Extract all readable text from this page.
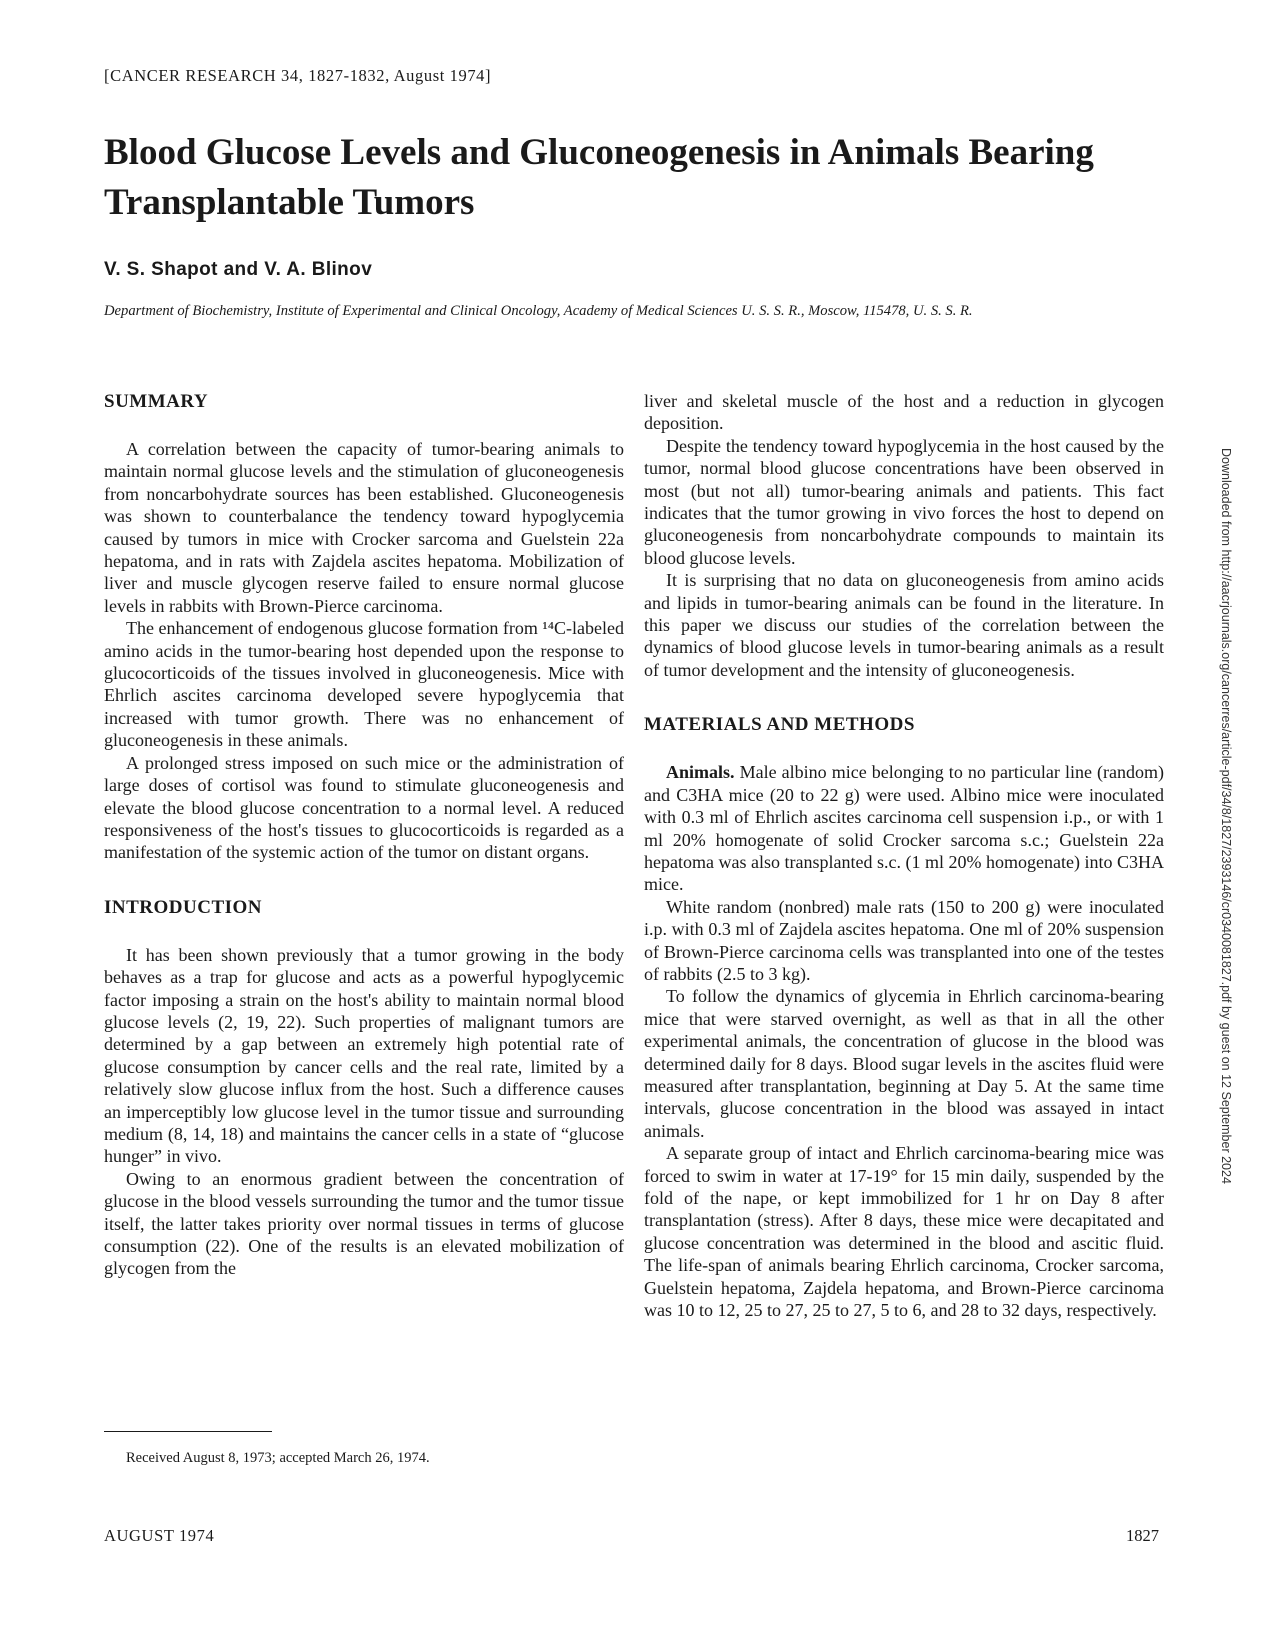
[CANCER RESEARCH 34, 1827-1832, August 1974]
Blood Glucose Levels and Gluconeogenesis in Animals Bearing Transplantable Tumors
V. S. Shapot and V. A. Blinov
Department of Biochemistry, Institute of Experimental and Clinical Oncology, Academy of Medical Sciences U. S. S. R., Moscow, 115478, U. S. S. R.
SUMMARY

A correlation between the capacity of tumor-bearing animals to maintain normal glucose levels and the stimulation of gluconeogenesis from noncarbohydrate sources has been established. Gluconeogenesis was shown to counterbalance the tendency toward hypoglycemia caused by tumors in mice with Crocker sarcoma and Guelstein 22a hepatoma, and in rats with Zajdela ascites hepatoma. Mobilization of liver and muscle glycogen reserve failed to ensure normal glucose levels in rabbits with Brown-Pierce carcinoma.

The enhancement of endogenous glucose formation from ¹⁴C-labeled amino acids in the tumor-bearing host depended upon the response to glucocorticoids of the tissues involved in gluconeogenesis. Mice with Ehrlich ascites carcinoma developed severe hypoglycemia that increased with tumor growth. There was no enhancement of gluconeogenesis in these animals.

A prolonged stress imposed on such mice or the administration of large doses of cortisol was found to stimulate gluconeogenesis and elevate the blood glucose concentration to a normal level. A reduced responsiveness of the host's tissues to glucocorticoids is regarded as a manifestation of the systemic action of the tumor on distant organs.

INTRODUCTION

It has been shown previously that a tumor growing in the body behaves as a trap for glucose and acts as a powerful hypoglycemic factor imposing a strain on the host's ability to maintain normal blood glucose levels (2, 19, 22). Such properties of malignant tumors are determined by a gap between an extremely high potential rate of glucose consumption by cancer cells and the real rate, limited by a relatively slow glucose influx from the host. Such a difference causes an imperceptibly low glucose level in the tumor tissue and surrounding medium (8, 14, 18) and maintains the cancer cells in a state of “glucose hunger” in vivo.

Owing to an enormous gradient between the concentration of glucose in the blood vessels surrounding the tumor and the tumor tissue itself, the latter takes priority over normal tissues in terms of glucose consumption (22). One of the results is an elevated mobilization of glycogen from the

liver and skeletal muscle of the host and a reduction in glycogen deposition.

Despite the tendency toward hypoglycemia in the host caused by the tumor, normal blood glucose concentrations have been observed in most (but not all) tumor-bearing animals and patients. This fact indicates that the tumor growing in vivo forces the host to depend on gluconeogenesis from noncarbohydrate compounds to maintain its blood glucose levels.

It is surprising that no data on gluconeogenesis from amino acids and lipids in tumor-bearing animals can be found in the literature. In this paper we discuss our studies of the correlation between the dynamics of blood glucose levels in tumor-bearing animals as a result of tumor development and the intensity of gluconeogenesis.

MATERIALS AND METHODS

Animals. Male albino mice belonging to no particular line (random) and C3HA mice (20 to 22 g) were used. Albino mice were inoculated with 0.3 ml of Ehrlich ascites carcinoma cell suspension i.p., or with 1 ml 20% homogenate of solid Crocker sarcoma s.c.; Guelstein 22a hepatoma was also transplanted s.c. (1 ml 20% homogenate) into C3HA mice.

White random (nonbred) male rats (150 to 200 g) were inoculated i.p. with 0.3 ml of Zajdela ascites hepatoma. One ml of 20% suspension of Brown-Pierce carcinoma cells was transplanted into one of the testes of rabbits (2.5 to 3 kg).

To follow the dynamics of glycemia in Ehrlich carcinoma-bearing mice that were starved overnight, as well as that in all the other experimental animals, the concentration of glucose in the blood was determined daily for 8 days. Blood sugar levels in the ascites fluid were measured after transplantation, beginning at Day 5. At the same time intervals, glucose concentration in the blood was assayed in intact animals.

A separate group of intact and Ehrlich carcinoma-bearing mice was forced to swim in water at 17-19° for 15 min daily, suspended by the fold of the nape, or kept immobilized for 1 hr on Day 8 after transplantation (stress). After 8 days, these mice were decapitated and glucose concentration was determined in the blood and ascitic fluid. The life-span of animals bearing Ehrlich carcinoma, Crocker sarcoma, Guelstein hepatoma, Zajdela hepatoma, and Brown-Pierce carcinoma was 10 to 12, 25 to 27, 25 to 27, 5 to 6, and 28 to 32 days, respectively.

Received August 8, 1973; accepted March 26, 1974.
AUGUST 1974	1827
Downloaded from http://aacrjournals.org/cancerres/article-pdf/34/8/1827/2393146/cr0340081827.pdf by guest on 12 September 2024
